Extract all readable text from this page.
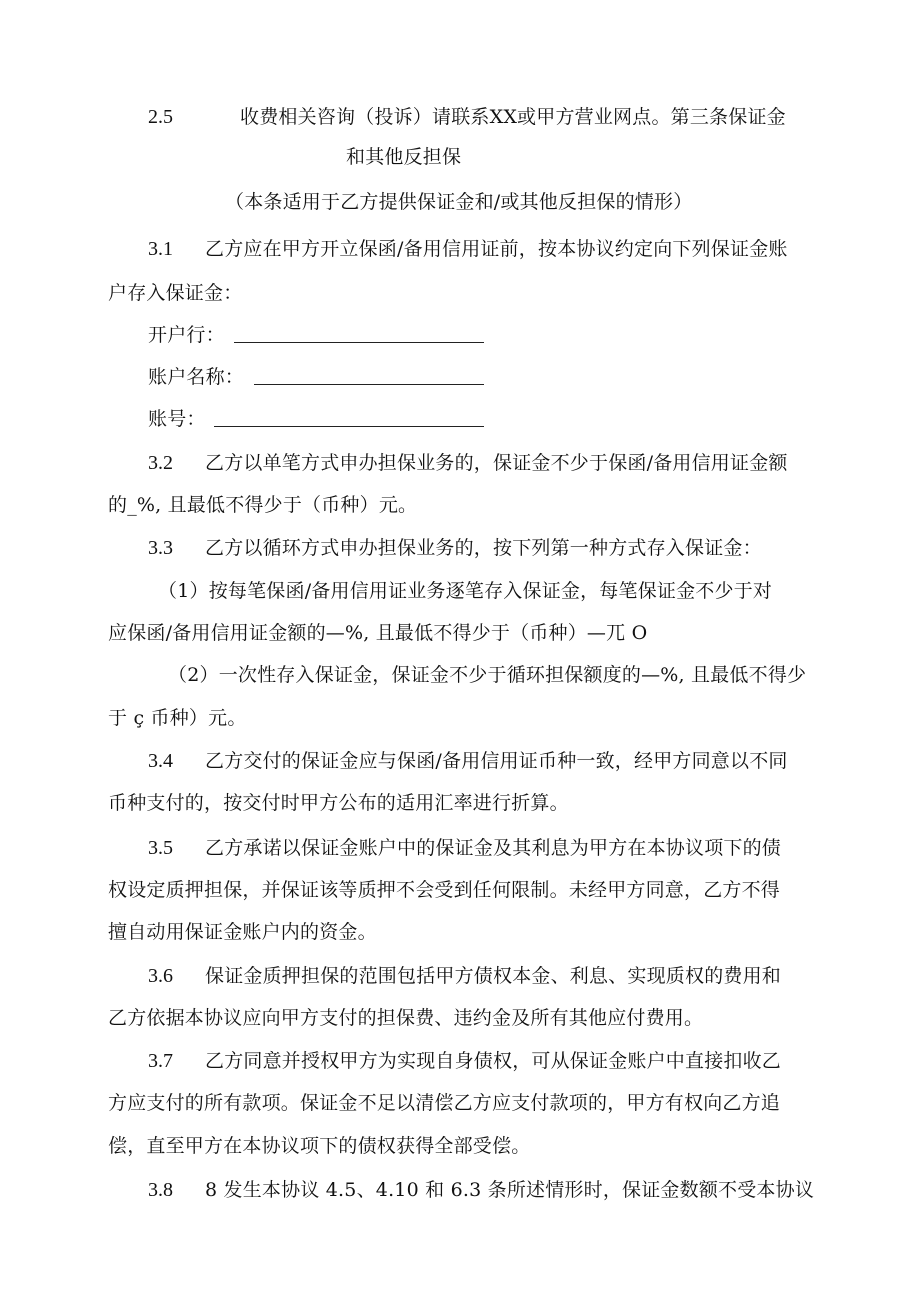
2.5	收费相关咨询（投诉）请联系XX或甲方营业网点。第三条保证金
和其他反担保
（本条适用于乙方提供保证金和/或其他反担保的情形）
3.1 乙方应在甲方开立保函/备用信用证前，按本协议约定向下列保证金账
户存入保证金：
开户行：
账户名称：
账号：
3.2 乙方以单笔方式申办担保业务的，保证金不少于保函/备用信用证金额
的_%, 且最低不得少于（币种）元。
3.3 乙方以循环方式申办担保业务的，按下列第一种方式存入保证金：
（1）按每笔保函/备用信用证业务逐笔存入保证金，每笔保证金不少于对
应保函/备用信用证金额的—%, 且最低不得少于（币种）—兀 O
（2）一次性存入保证金，保证金不少于循环担保额度的—%, 且最低不得少
于 ç 币种）元。
3.4 乙方交付的保证金应与保函/备用信用证币种一致，经甲方同意以不同
币种支付的，按交付时甲方公布的适用汇率进行折算。
3.5 乙方承诺以保证金账户中的保证金及其利息为甲方在本协议项下的债
权设定质押担保，并保证该等质押不会受到任何限制。未经甲方同意，乙方不得
擅自动用保证金账户内的资金。
3.6 保证金质押担保的范围包括甲方债权本金、利息、实现质权的费用和
乙方依据本协议应向甲方支付的担保费、违约金及所有其他应付费用。
3.7 乙方同意并授权甲方为实现自身债权，可从保证金账户中直接扣收乙
方应支付的所有款项。保证金不足以清偿乙方应支付款项的，甲方有权向乙方追
偿，直至甲方在本协议项下的债权获得全部受偿。
3.8 8 发生本协议 4.5、4.10 和 6.3 条所述情形时，保证金数额不受本协议
